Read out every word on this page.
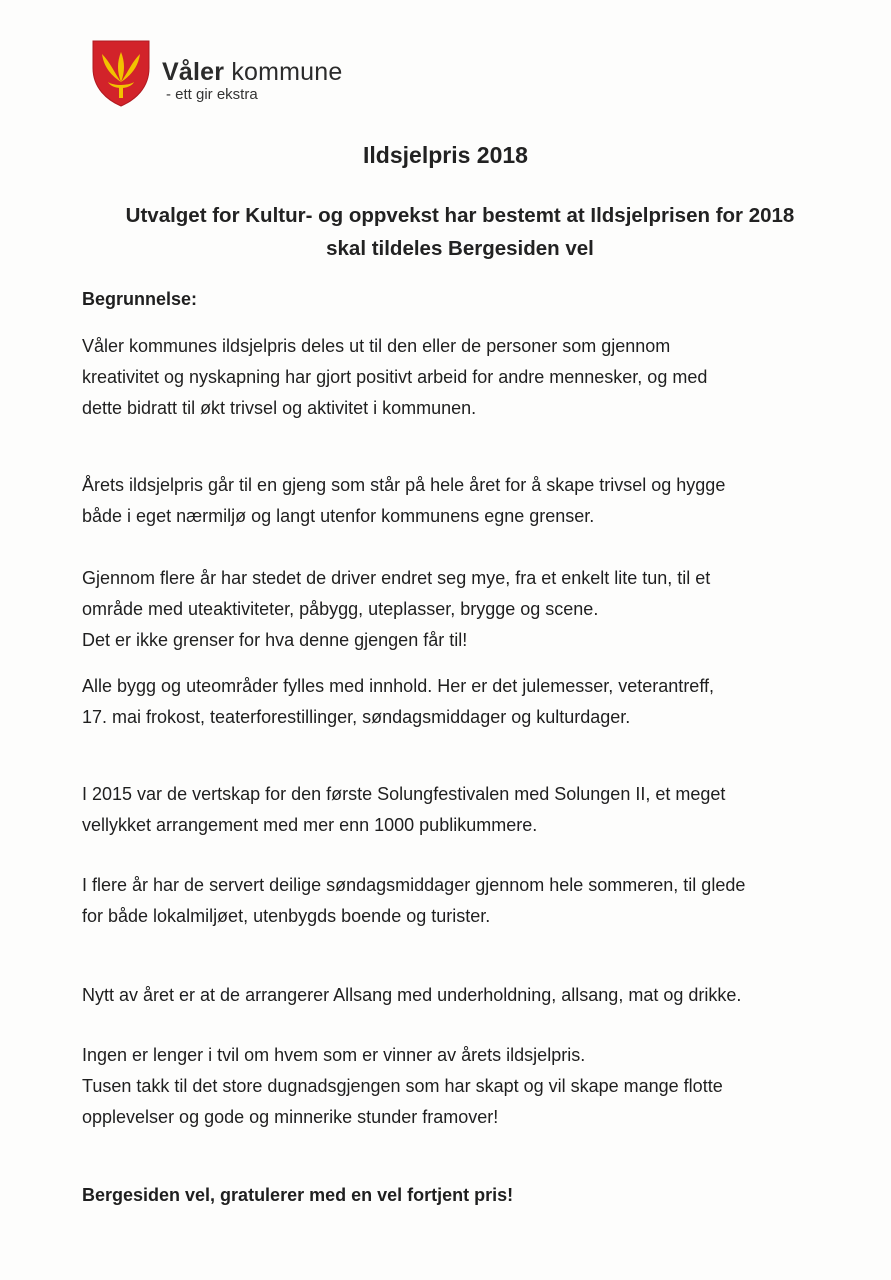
Våler kommune
- ett gir ekstra
Ildsjelpris 2018
Utvalget for Kultur- og oppvekst har bestemt at Ildsjelprisen for 2018
skal tildeles Bergesiden vel

Begrunnelse:

Våler kommunes ildsjelpris deles ut til den eller de personer som gjennom
kreativitet og nyskapning har gjort positivt arbeid for andre mennesker, og med
dette bidratt til økt trivsel og aktivitet i kommunen.

Årets ildsjelpris går til en gjeng som står på hele året for å skape trivsel og hygge
både i eget nærmiljø og langt utenfor kommunens egne grenser.

Gjennom flere år har stedet de driver endret seg mye, fra et enkelt lite tun, til et
område med uteaktiviteter, påbygg, uteplasser, brygge og scene.
Det er ikke grenser for hva denne gjengen får til!

Alle bygg og uteområder fylles med innhold. Her er det julemesser, veterantreff,
17. mai frokost, teaterforestillinger, søndagsmiddager og kulturdager.

I 2015 var de vertskap for den første Solungfestivalen med Solungen II, et meget
vellykket arrangement med mer enn 1000 publikummere.

I flere år har de servert deilige søndagsmiddager gjennom hele sommeren, til glede
for både lokalmiljøet, utenbygds boende og turister.

Nytt av året er at de arrangerer Allsang med underholdning, allsang, mat og drikke.

Ingen er lenger i tvil om hvem som er vinner av årets ildsjelpris.
Tusen takk til det store dugnadsgjengen som har skapt og vil skape mange flotte
opplevelser og gode og minnerike stunder framover!

Bergesiden vel, gratulerer med en vel fortjent pris!
